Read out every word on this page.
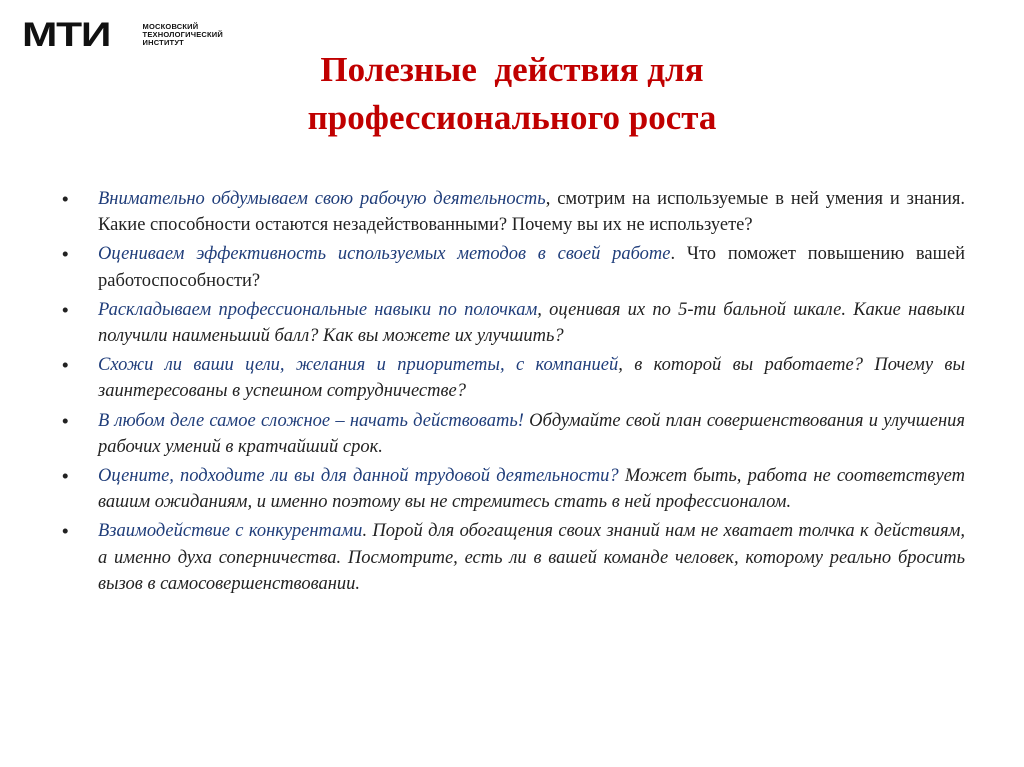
МТИ	МОСКОВСКИЙ
ТЕХНОЛОГИЧЕСКИЙ
ИНСТИТУТ
Полезные  действия для
профессионального роста
•	Внимательно обдумываем свою рабочую деятельность, смотрим на используемые в ней умения и знания. Какие способности остаются незадействованными? Почему вы их не используете?
•	Оцениваем эффективность используемых методов в своей работе. Что поможет повышению вашей работоспособности?
•	Раскладываем профессиональные навыки по полочкам, оценивая их по 5-ти бальной шкале. Какие навыки получили наименьший балл? Как вы можете их улучшить?
•	Схожи ли ваши цели, желания и приоритеты, с компанией, в которой вы работаете? Почему вы заинтересованы в успешном сотрудничестве?
•	В любом деле самое сложное – начать действовать! Обдумайте свой план совершенствования и улучшения рабочих умений в кратчайший срок.
•	Оцените, подходите ли вы для данной трудовой деятельности? Может быть, работа не соответствует вашим ожиданиям, и именно поэтому вы не стремитесь стать в ней профессионалом.
•	Взаимодействие с конкурентами. Порой для обогащения своих знаний нам не хватает толчка к действиям, а именно духа соперничества. Посмотрите, есть ли в вашей команде человек, которому реально бросить вызов в самосовершенствовании.
